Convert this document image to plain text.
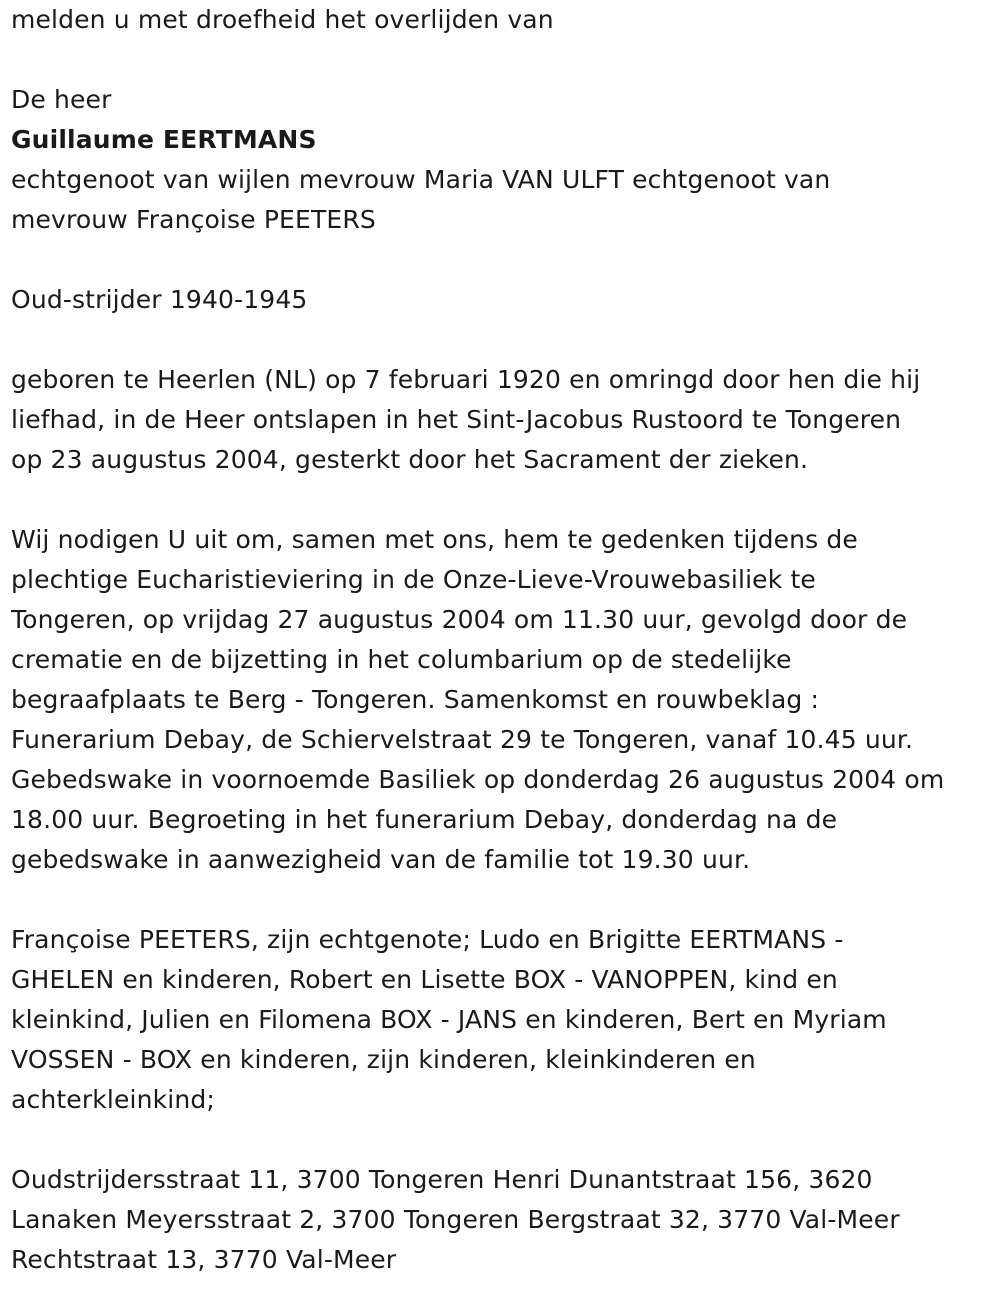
melden u met droefheid het overlijden van
De heer
Guillaume EERTMANS
echtgenoot van wijlen mevrouw Maria VAN ULFT echtgenoot van
mevrouw Françoise PEETERS
Oud-strijder 1940-1945
geboren te Heerlen (NL) op 7 februari 1920 en omringd door hen die hij
liefhad, in de Heer ontslapen in het Sint-Jacobus Rustoord te Tongeren
op 23 augustus 2004, gesterkt door het Sacrament der zieken.
Wij nodigen U uit om, samen met ons, hem te gedenken tijdens de
plechtige Eucharistieviering in de Onze-Lieve-Vrouwebasiliek te
Tongeren, op vrijdag 27 augustus 2004 om 11.30 uur, gevolgd door de
crematie en de bijzetting in het columbarium op de stedelijke
begraafplaats te Berg - Tongeren. Samenkomst en rouwbeklag :
Funerarium Debay, de Schiervelstraat 29 te Tongeren, vanaf 10.45 uur.
Gebedswake in voornoemde Basiliek op donderdag 26 augustus 2004 om
18.00 uur. Begroeting in het funerarium Debay, donderdag na de
gebedswake in aanwezigheid van de familie tot 19.30 uur.
Françoise PEETERS, zijn echtgenote; Ludo en Brigitte EERTMANS -
GHELEN en kinderen, Robert en Lisette BOX - VANOPPEN, kind en
kleinkind, Julien en Filomena BOX - JANS en kinderen, Bert en Myriam
VOSSEN - BOX en kinderen, zijn kinderen, kleinkinderen en
achterkleinkind;
Oudstrijdersstraat 11, 3700 Tongeren Henri Dunantstraat 156, 3620
Lanaken Meyersstraat 2, 3700 Tongeren Bergstraat 32, 3770 Val-Meer
Rechtstraat 13, 3770 Val-Meer
